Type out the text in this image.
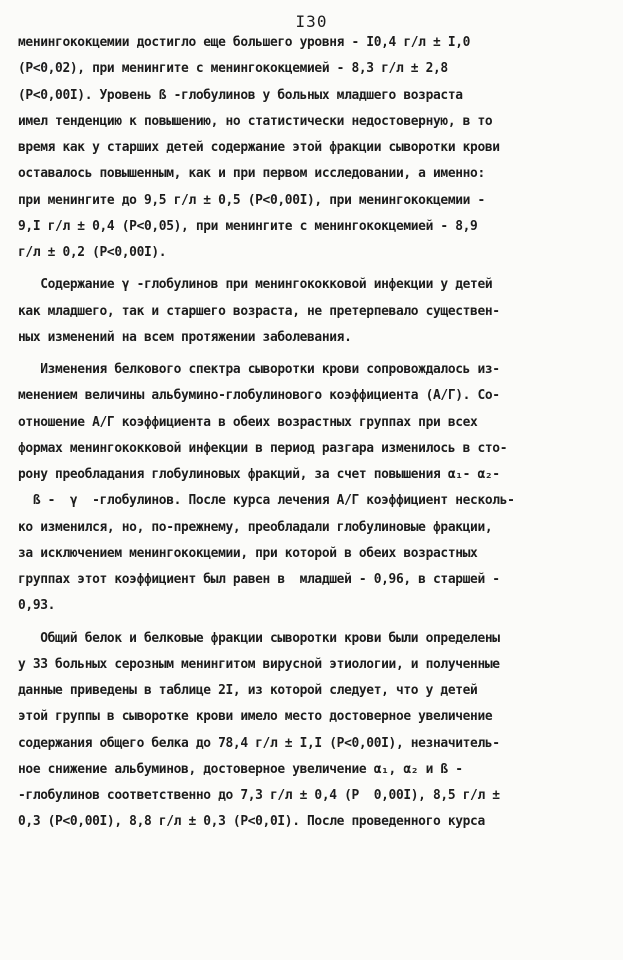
I30
менингококцемии достигло еще большего уровня - I0,4 г/л ± I,0
(Р<0,02), при менингите с менингококцемией - 8,3 г/л ± 2,8
(Р<0,00I). Уровень ß -глобулинов у больных младшего возраста
имел тенденцию к повышению, но статистически недостоверную, в то
время как у старших детей содержание этой фракции сыворотки крови
оставалось повышенным, как и при первом исследовании, а именно:
при менингите до 9,5 г/л ± 0,5 (Р<0,00I), при менингококцемии -
9,I г/л ± 0,4 (Р<0,05), при менингите с менингококцемией - 8,9
г/л ± 0,2 (Р<0,00I).
Содержание γ -глобулинов при менингококковой инфекции у детей
как младшего, так и старшего возраста, не претерпевало существен-
ных изменений на всем протяжении заболевания.
Изменения белкового спектра сыворотки крови сопровождалось из-
менением величины альбумино-глобулинового коэффициента (А/Г). Со-
отношение А/Г коэффициента в обеих возрастных группах при всех
формах менингококковой инфекции в период разгара изменилось в сто-
рону преобладания глобулиновых фракций, за счет повышения α₁- α₂-
ß -  γ  -глобулинов. После курса лечения А/Г коэффициент несколь-
ко изменился, но, по-прежнему, преобладали глобулиновые фракции,
за исключением менингококцемии, при которой в обеих возрастных
группах этот коэффициент был равен в  младшей - 0,96, в старшей -
0,93.
Общий белок и белковые фракции сыворотки крови были определены
у 33 больных серозным менингитом вирусной этиологии, и полученные
данные приведены в таблице 2I, из которой следует, что у детей
этой группы в сыворотке крови имело место достоверное увеличение
содержания общего белка до 78,4 г/л ± I,I (Р<0,00I), незначитель-
ное снижение альбуминов, достоверное увеличение α₁, α₂ и ß -
-глобулинов соответственно до 7,3 г/л ± 0,4 (Р  0,00I), 8,5 г/л ±
0,3 (Р<0,00I), 8,8 г/л ± 0,3 (Р<0,0I). После проведенного курса
